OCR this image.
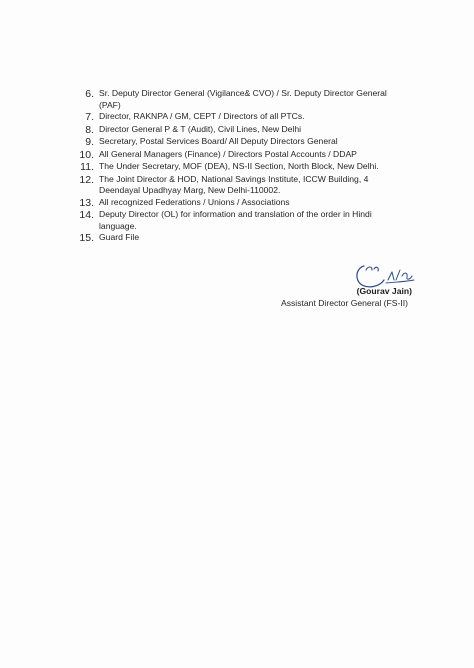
6. Sr. Deputy Director General (Vigilance& CVO) / Sr. Deputy Director General
(PAF)
7. Director, RAKNPA / GM, CEPT / Directors of all PTCs.
8. Director General P & T (Audit), Civil Lines, New Delhi
9. Secretary, Postal Services Board/ All Deputy Directors General
10. All General Managers (Finance) / Directors Postal Accounts / DDAP
11. The Under Secretary, MOF (DEA), NS-II Section, North Block, New Delhi.
12. The Joint Director & HOD, National Savings Institute, ICCW Building, 4
Deendayal Upadhyay Marg, New Delhi-110002.
13. All recognized Federations / Unions / Associations
14. Deputy Director (OL) for information and translation of the order in Hindi
language.
15. Guard File
(Gourav Jain)
Assistant Director General (FS-II)
